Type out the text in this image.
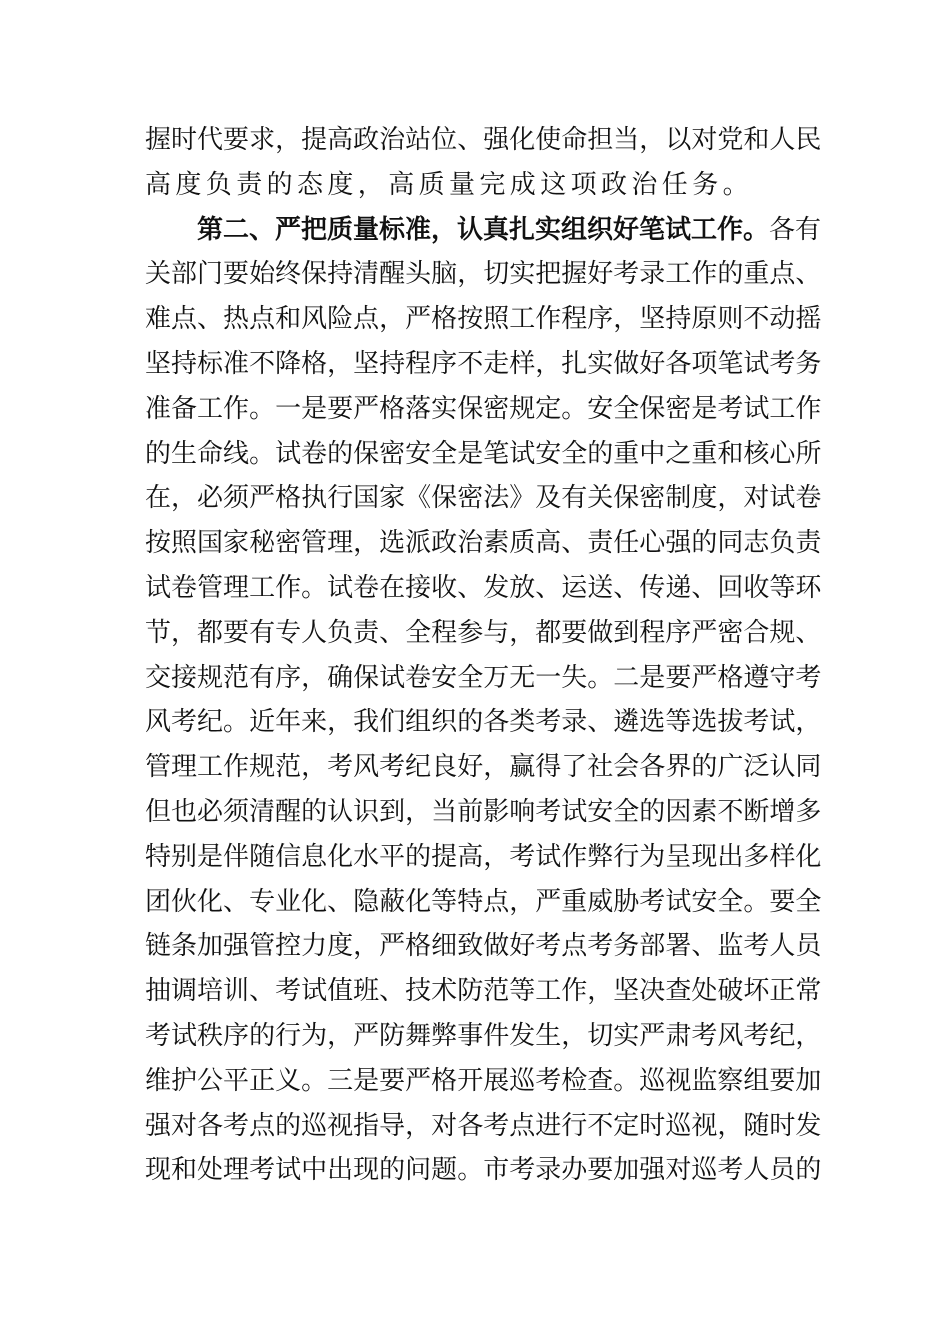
握 时 代 要 求 ， 提 高 政 治 站 位 、 强 化 使 命 担 当 ， 以 对 党 和 人 民
高度负责的态度，高质量完成这项政治任务。
第二、严把质量标准，认真扎实组织好笔试工作。 各有
关 部 门 要 始 终 保 持 清 醒 头 脑 ， 切 实 把 握 好 考 录 工 作 的 重 点 、
难 点 、 热 点 和 风 险 点 ， 严 格 按 照 工 作 程 序 ， 坚 持 原 则 不 动 摇
坚 持 标 准 不 降 格 ， 坚 持 程 序 不 走 样 ， 扎 实 做 好 各 项 笔 试 考 务
准 备 工 作 。 一 是 要 严 格 落 实 保 密 规 定 。 安 全 保 密 是 考 试 工 作
的 生 命 线 。 试 卷 的 保 密 安 全 是 笔 试 安 全 的 重 中 之 重 和 核 心 所
在 ， 必 须 严 格 执 行 国 家 《 保 密 法 》 及 有 关 保 密 制 度 ， 对 试 卷
按 照 国 家 秘 密 管 理 ， 选 派 政 治 素 质 高 、 责 任 心 强 的 同 志 负 责
试 卷 管 理 工 作 。 试 卷 在 接 收 、 发 放 、 运 送 、 传 递 、 回 收 等 环
节 ， 都 要 有 专 人 负 责 、 全 程 参 与 ， 都 要 做 到 程 序 严 密 合 规 、
交 接 规 范 有 序 ， 确 保 试 卷 安 全 万 无 一 失 。 二 是 要 严 格 遵 守 考
风 考 纪 。 近 年 来 ， 我 们 组 织 的 各 类 考 录 、 遴 选 等 选 拔 考 试 ，
管 理 工 作 规 范 ， 考 风 考 纪 良 好 ， 赢 得 了 社 会 各 界 的 广 泛 认 同
但 也 必 须 清 醒 的 认 识 到 ， 当 前 影 响 考 试 安 全 的 因 素 不 断 增 多
特 别 是 伴 随 信 息 化 水 平 的 提 高 ， 考 试 作 弊 行 为 呈 现 出 多 样 化
团 伙 化 、 专 业 化 、 隐 蔽 化 等 特 点 ， 严 重 威 胁 考 试 安 全 。 要 全
链 条 加 强 管 控 力 度 ， 严 格 细 致 做 好 考 点 考 务 部 署 、 监 考 人 员
抽 调 培 训 、 考 试 值 班 、 技 术 防 范 等 工 作 ， 坚 决 查 处 破 坏 正 常
考 试 秩 序 的 行 为 ， 严 防 舞 弊 事 件 发 生 ， 切 实 严 肃 考 风 考 纪 ，
维 护 公 平 正 义 。 三 是 要 严 格 开 展 巡 考 检 查 。 巡 视 监 察 组 要 加
强 对 各 考 点 的 巡 视 指 导 ， 对 各 考 点 进 行 不 定 时 巡 视 ， 随 时 发
现 和 处 理 考 试 中 出 现 的 问 题 。 市 考 录 办 要 加 强 对 巡 考 人 员 的
